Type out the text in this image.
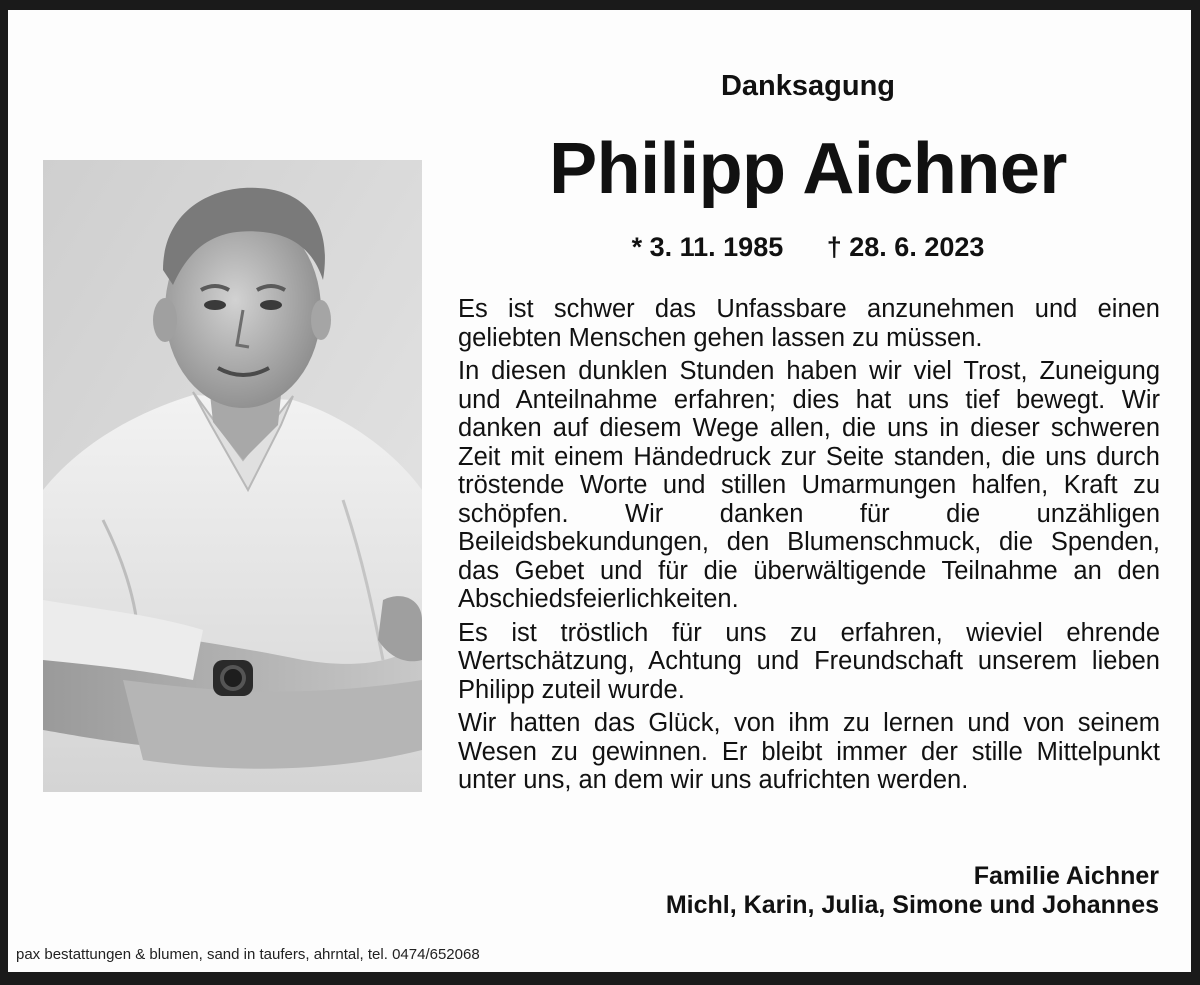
Danksagung
Philipp Aichner
* 3. 11. 1985 † 28. 6. 2023

Es ist schwer das Unfassbare anzunehmen und einen geliebten Menschen gehen lassen zu müssen.

In diesen dunklen Stunden haben wir viel Trost, Zuneigung und Anteilnahme erfahren; dies hat uns tief bewegt. Wir danken auf diesem Wege allen, die uns in dieser schweren Zeit mit einem Händedruck zur Seite standen, die uns durch tröstende Worte und stillen Umarmungen halfen, Kraft zu schöpfen. Wir danken für die unzähligen Beileidsbekundungen, den Blumenschmuck, die Spenden, das Gebet und für die überwältigende Teilnahme an den Abschiedsfeierlichkeiten.

Es ist tröstlich für uns zu erfahren, wieviel ehrende Wertschätzung, Achtung und Freundschaft unserem lieben Philipp zuteil wurde.

Wir hatten das Glück, von ihm zu lernen und von seinem Wesen zu gewinnen. Er bleibt immer der stille Mittelpunkt unter uns, an dem wir uns aufrichten werden.

Familie Aichner
Michl, Karin, Julia, Simone und Johannes
pax bestattungen & blumen, sand in taufers, ahrntal, tel. 0474/652068
